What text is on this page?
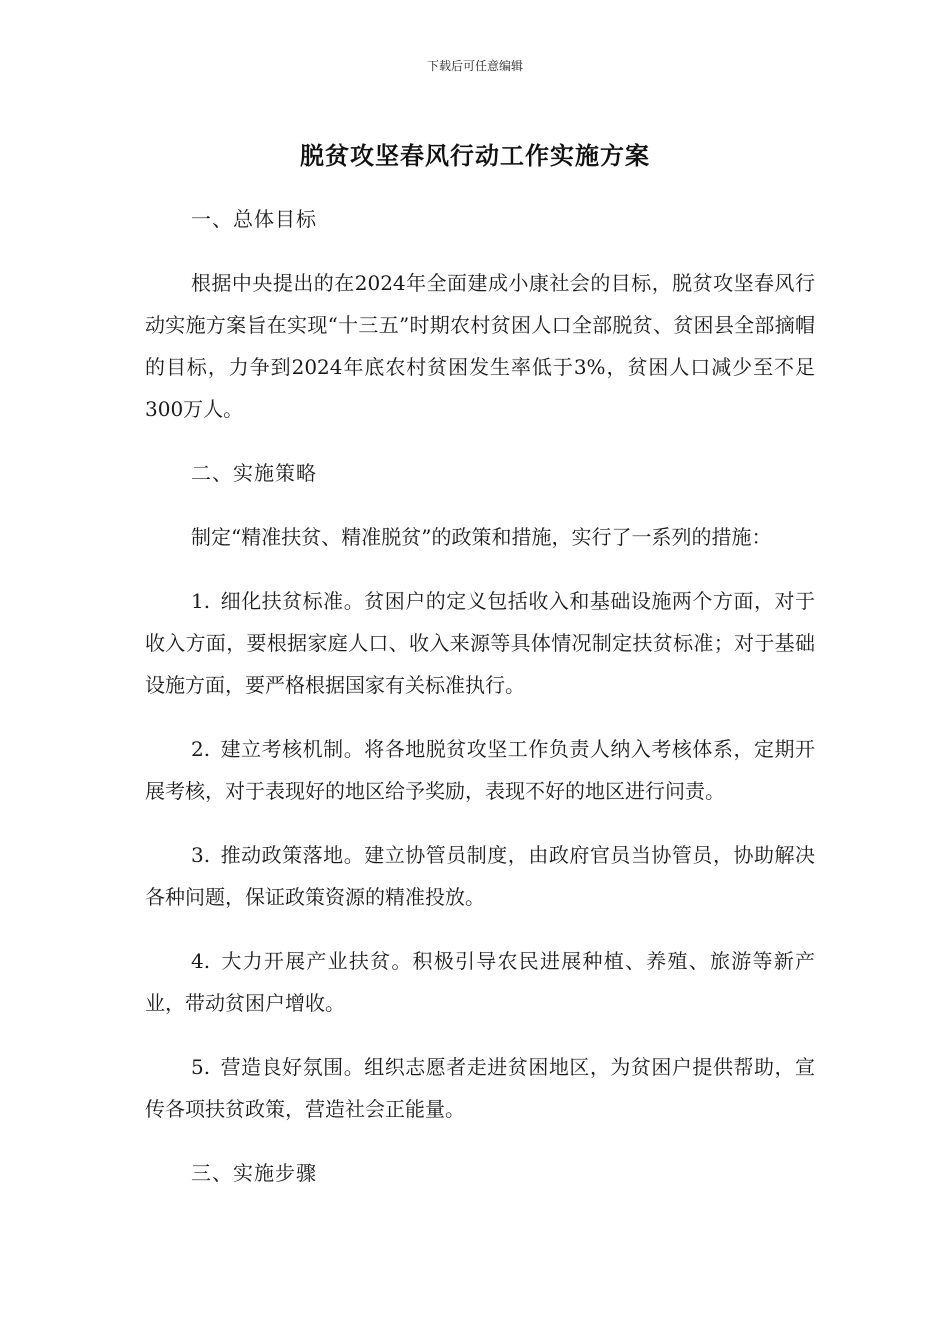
下载后可任意编辑
脱贫攻坚春风行动工作实施方案

一、总体目标

根据中央提出的在2024年全面建成小康社会的目标，脱贫攻坚春风行动实施方案旨在实现“十三五”时期农村贫困人口全部脱贫、贫困县全部摘帽的目标，力争到2024年底农村贫困发生率低于3%，贫困人口减少至不足300万人。

二、实施策略

制定“精准扶贫、精准脱贫”的政策和措施，实行了一系列的措施：

1. 细化扶贫标准。贫困户的定义包括收入和基础设施两个方面，对于收入方面，要根据家庭人口、收入来源等具体情况制定扶贫标准；对于基础设施方面，要严格根据国家有关标准执行。

2. 建立考核机制。将各地脱贫攻坚工作负责人纳入考核体系，定期开展考核，对于表现好的地区给予奖励，表现不好的地区进行问责。

3. 推动政策落地。建立协管员制度，由政府官员当协管员，协助解决各种问题，保证政策资源的精准投放。

4. 大力开展产业扶贫。积极引导农民进展种植、养殖、旅游等新产业，带动贫困户增收。

5. 营造良好氛围。组织志愿者走进贫困地区，为贫困户提供帮助，宣传各项扶贫政策，营造社会正能量。

三、实施步骤
